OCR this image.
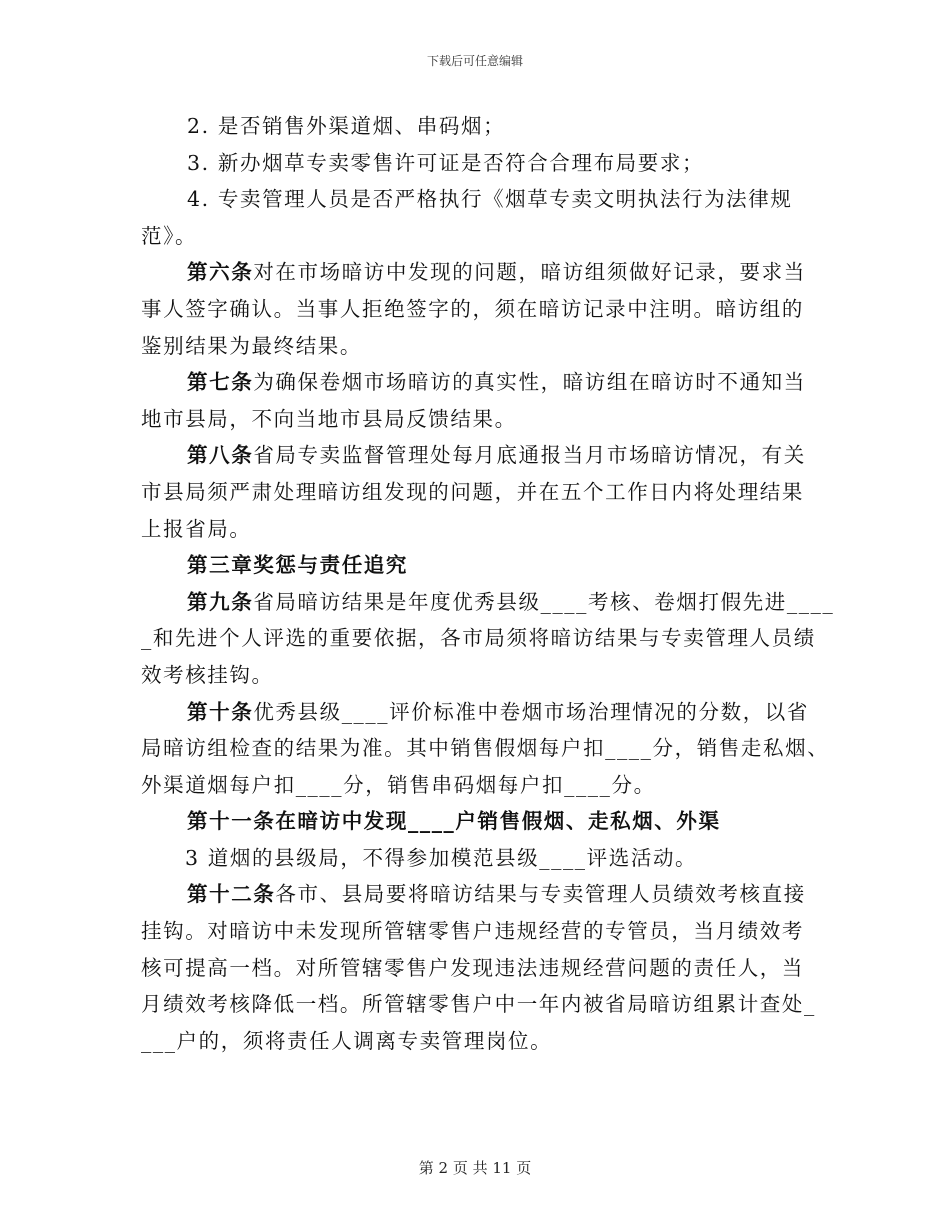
下载后可任意编辑
2. 是否销售外渠道烟、串码烟；
3. 新办烟草专卖零售许可证是否符合合理布局要求；
4. 专卖管理人员是否严格执行《烟草专卖文明执法行为法律规
范》。
第六条对在市场暗访中发现的问题，暗访组须做好记录，要求当
事人签字确认。当事人拒绝签字的，须在暗访记录中注明。暗访组的
鉴别结果为最终结果。
第七条为确保卷烟市场暗访的真实性，暗访组在暗访时不通知当
地市县局，不向当地市县局反馈结果。
第八条省局专卖监督管理处每月底通报当月市场暗访情况，有关
市县局须严肃处理暗访组发现的问题，并在五个工作日内将处理结果
上报省局。
第三章奖惩与责任追究
第九条省局暗访结果是年度优秀县级____考核、卷烟打假先进____
_和先进个人评选的重要依据，各市局须将暗访结果与专卖管理人员绩
效考核挂钩。
第十条优秀县级____评价标准中卷烟市场治理情况的分数，以省
局暗访组检查的结果为准。其中销售假烟每户扣____分，销售走私烟、
外渠道烟每户扣____分，销售串码烟每户扣____分。
第十一条在暗访中发现____户销售假烟、走私烟、外渠
3 道烟的县级局，不得参加模范县级____评选活动。
第十二条各市、县局要将暗访结果与专卖管理人员绩效考核直接
挂钩。对暗访中未发现所管辖零售户违规经营的专管员，当月绩效考
核可提高一档。对所管辖零售户发现违法违规经营问题的责任人，当
月绩效考核降低一档。所管辖零售户中一年内被省局暗访组累计查处_
___户的，须将责任人调离专卖管理岗位。
第 2 页 共 11 页
